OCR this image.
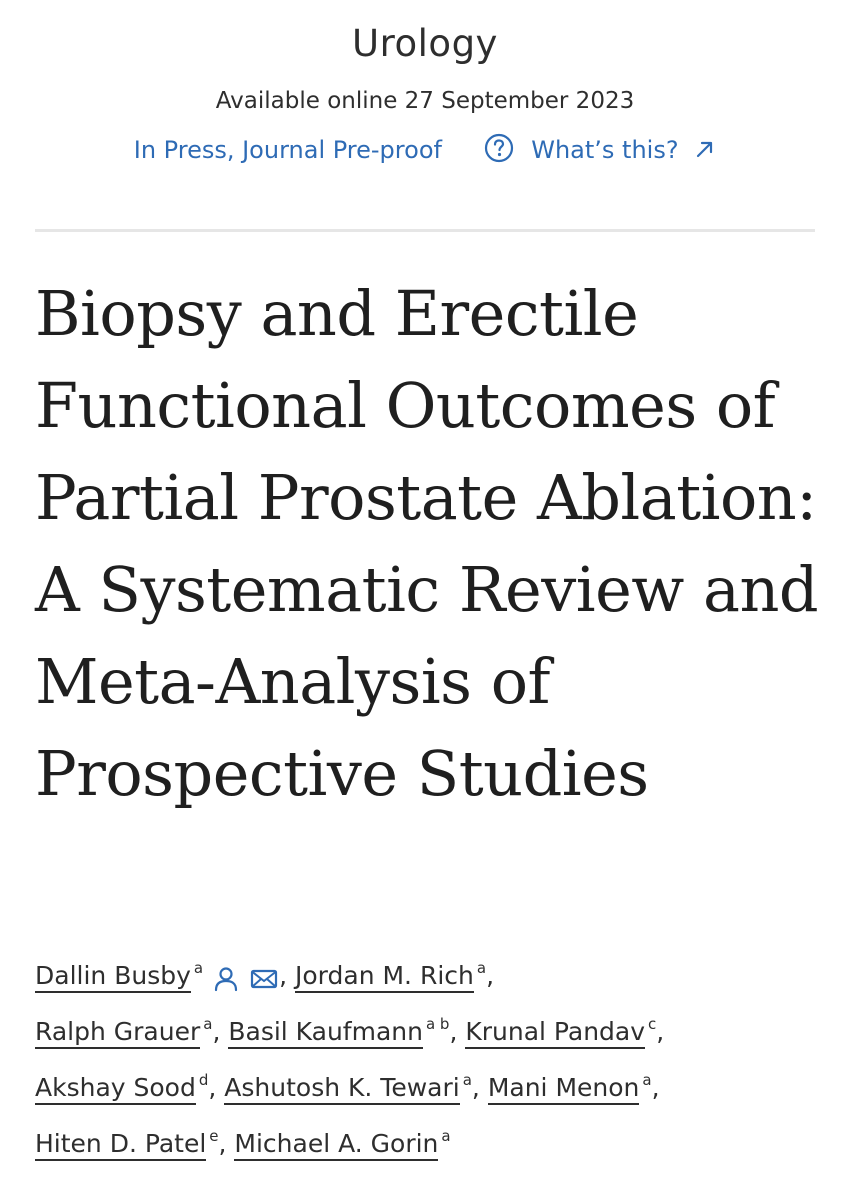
Urology
Available online 27 September 2023
In Press, Journal Pre-proof	What’s this?
Biopsy and Erectile Functional Outcomes of Partial Prostate Ablation: A Systematic Review and Meta-Analysis of Prospective Studies
Dallin Busby $^a$	, Jordan M. Rich $^a$,
Ralph Grauer $^a$, Basil Kaufmann $^{a b}$, Krunal Pandav $^c$,
Akshay Sood $^d$, Ashutosh K. Tewari $^a$, Mani Menon $^a$,
Hiten D. Patel $^e$, Michael A. Gorin $^a$
